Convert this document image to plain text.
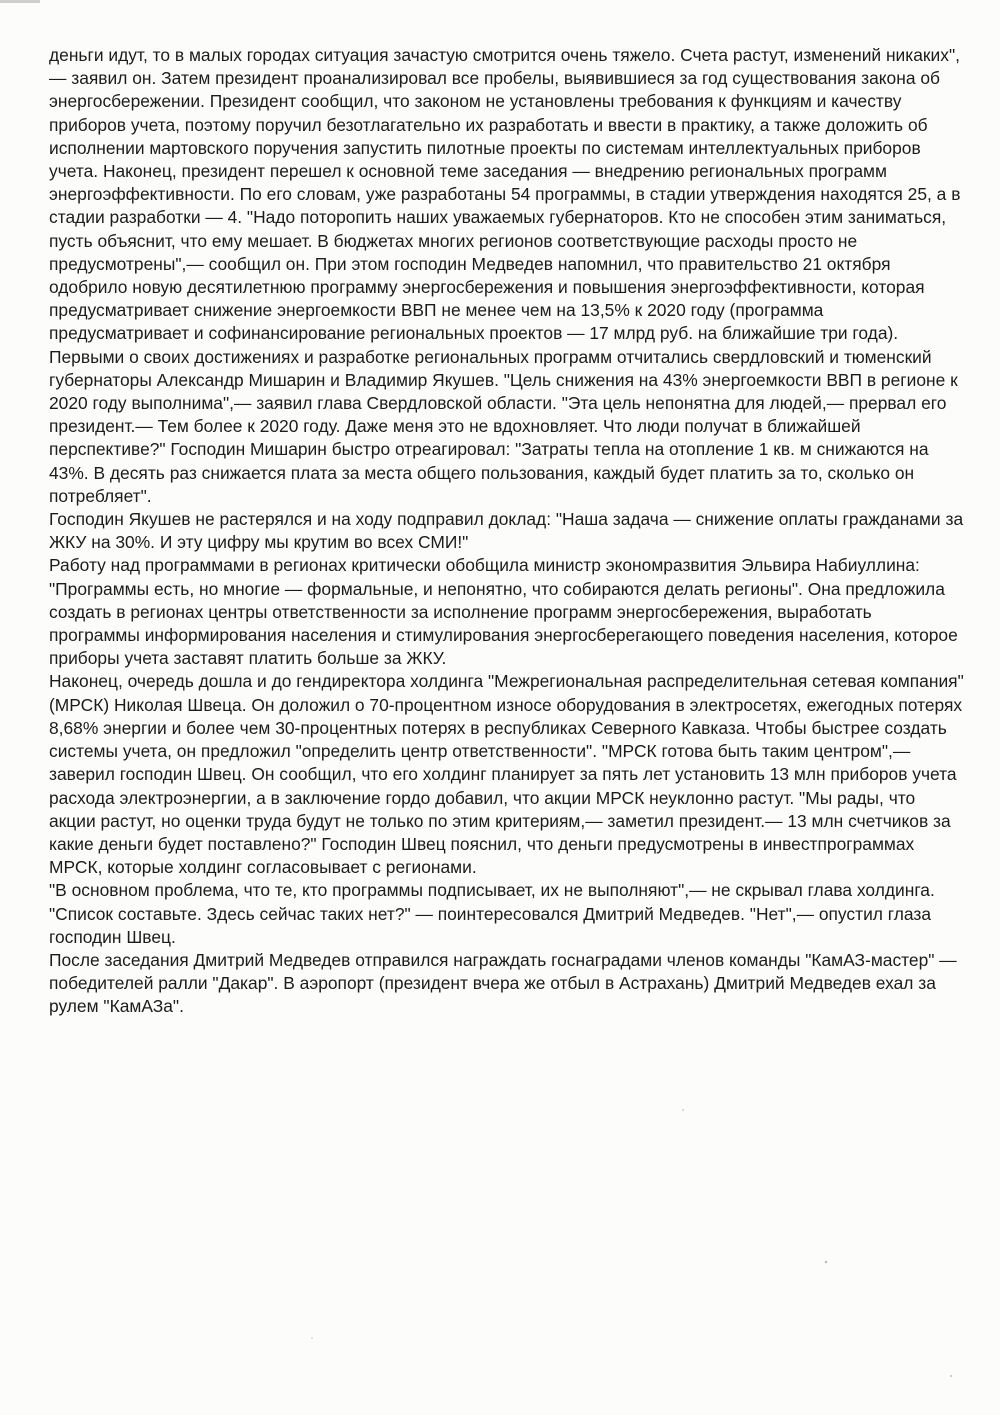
деньги идут, то в малых городах ситуация зачастую смотрится очень тяжело. Счета растут, изменений никаких",— заявил он. Затем президент проанализировал все пробелы, выявившиеся за год существования закона об энергосбережении. Президент сообщил, что законом не установлены требования к функциям и качеству приборов учета, поэтому поручил безотлагательно их разработать и ввести в практику, а также доложить об исполнении мартовского поручения запустить пилотные проекты по системам интеллектуальных приборов учета. Наконец, президент перешел к основной теме заседания — внедрению региональных программ энергоэффективности. По его словам, уже разработаны 54 программы, в стадии утверждения находятся 25, а в стадии разработки — 4. "Надо поторопить наших уважаемых губернаторов. Кто не способен этим заниматься, пусть объяснит, что ему мешает. В бюджетах многих регионов соответствующие расходы просто не предусмотрены",— сообщил он. При этом господин Медведев напомнил, что правительство 21 октября одобрило новую десятилетнюю программу энергосбережения и повышения энергоэффективности, которая предусматривает снижение энергоемкости ВВП не менее чем на 13,5% к 2020 году (программа предусматривает и софинансирование региональных проектов — 17 млрд руб. на ближайшие три года).

Первыми о своих достижениях и разработке региональных программ отчитались свердловский и тюменский губернаторы Александр Мишарин и Владимир Якушев. "Цель снижения на 43% энергоемкости ВВП в регионе к 2020 году выполнима",— заявил глава Свердловской области. "Эта цель непонятна для людей,— прервал его президент.— Тем более к 2020 году. Даже меня это не вдохновляет. Что люди получат в ближайшей перспективе?" Господин Мишарин быстро отреагировал: "Затраты тепла на отопление 1 кв. м снижаются на 43%. В десять раз снижается плата за места общего пользования, каждый будет платить за то, сколько он потребляет".

Господин Якушев не растерялся и на ходу подправил доклад: "Наша задача — снижение оплаты гражданами за ЖКУ на 30%. И эту цифру мы крутим во всех СМИ!"

Работу над программами в регионах критически обобщила министр экономразвития Эльвира Набиуллина: "Программы есть, но многие — формальные, и непонятно, что собираются делать регионы". Она предложила создать в регионах центры ответственности за исполнение программ энергосбережения, выработать программы информирования населения и стимулирования энергосберегающего поведения населения, которое приборы учета заставят платить больше за ЖКУ.

Наконец, очередь дошла и до гендиректора холдинга "Межрегиональная распределительная сетевая компания" (МРСК) Николая Швеца. Он доложил о 70-процентном износе оборудования в электросетях, ежегодных потерях 8,68% энергии и более чем 30-процентных потерях в республиках Северного Кавказа. Чтобы быстрее создать системы учета, он предложил "определить центр ответственности". "МРСК готова быть таким центром",— заверил господин Швец. Он сообщил, что его холдинг планирует за пять лет установить 13 млн приборов учета расхода электроэнергии, а в заключение гордо добавил, что акции МРСК неуклонно растут. "Мы рады, что акции растут, но оценки труда будут не только по этим критериям,— заметил президент.— 13 млн счетчиков за какие деньги будет поставлено?" Господин Швец пояснил, что деньги предусмотрены в инвестпрограммах МРСК, которые холдинг согласовывает с регионами.

"В основном проблема, что те, кто программы подписывает, их не выполняют",— не скрывал глава холдинга. "Список составьте. Здесь сейчас таких нет?" — поинтересовался Дмитрий Медведев. "Нет",— опустил глаза господин Швец.

После заседания Дмитрий Медведев отправился награждать госнаградами членов команды "КамАЗ-мастер" — победителей ралли "Дакар". В аэропорт (президент вчера же отбыл в Астрахань) Дмитрий Медведев ехал за рулем "КамАЗа".
